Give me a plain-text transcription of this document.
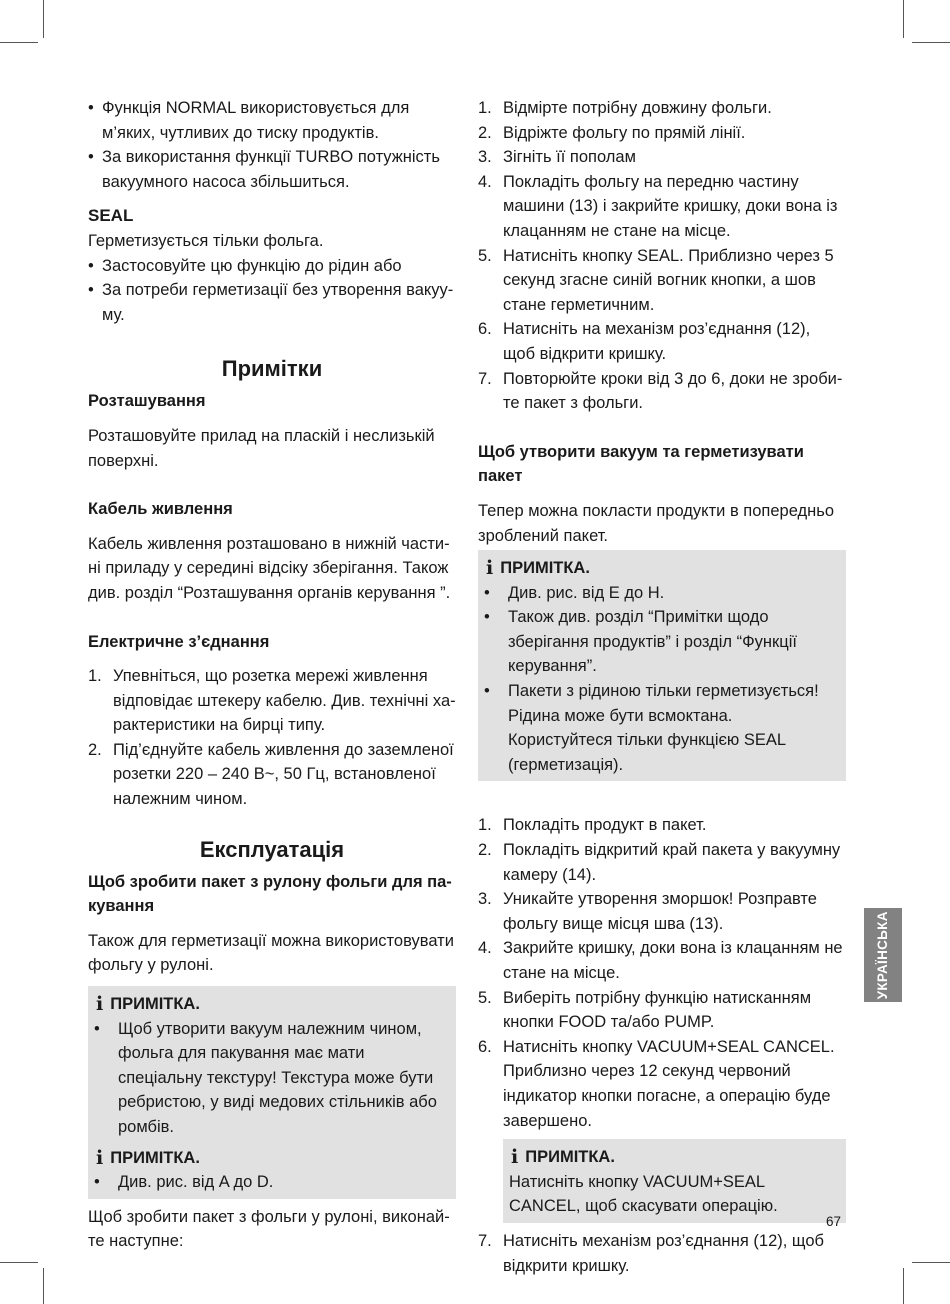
• Функція NORMAL використовується для м’яких, чутливих до тиску продуктів.
• За використання функції TURBO потужність вакуумного насоса збільшиться.

SEAL

Герметизується тільки фольга.

• Застосовуйте цю функцію до рідин або
• За потреби герметизації без утворення вакууму.
Примітки

Розташування

Розташовуйте прилад на пласкій і неслизькій поверхні.

Кабель живлення

Кабель живлення розташовано в нижній частині приладу у середині відсіку зберігання. Також див. розділ “Розташування органів керування ”.

Електричне з’єднання

1. Упевніться, що розетка мережі живлення відповідає штекеру кабелю. Див. технічні характеристики на бирці типу.
2. Під’єднуйте кабель живлення до заземленої розетки 220 – 240 В~, 50 Гц, встановленої належним чином.
Експлуатація

Щоб зробити пакет з рулону фольги для пакування

Також для герметизації можна використовувати фольгу у рулоні.

i ПРИМІТКА.
• Щоб утворити вакуум належним чином, фольга для пакування має мати спеціальну текстуру! Текстура може бути ребристою, у виді медових стільників або ромбів.
i ПРИМІТКА.
• Див. рис. від A до D.

Щоб зробити пакет з фольги у рулоні, виконайте наступне:

1. Відмірте потрібну довжину фольги.
2. Відріжте фольгу по прямій лінії.
3. Зігніть її пополам
4. Покладіть фольгу на передню частину машини (13) і закрийте кришку, доки вона із клацанням не стане на місце.
5. Натисніть кнопку SEAL. Приблизно через 5 секунд згасне синій вогник кнопки, а шов стане герметичним.
6. Натисніть на механізм роз’єднання (12), щоб відкрити кришку.
7. Повторюйте кроки від 3 до 6, доки не зробите пакет з фольги.

Щоб утворити вакуум та герметизувати пакет

Тепер можна покласти продукти в попередньо зроблений пакет.

i ПРИМІТКА.
• Див. рис. від E до H.
• Також див. розділ “Примітки щодо зберігання продуктів” і розділ “Функції керування”.
• Пакети з рідиною тільки герметизується! Рідина може бути всмоктана. Користуйтеся тільки функцією SEAL (герметизація).
1. Покладіть продукт в пакет.
2. Покладіть відкритий край пакета у вакуумну камеру (14).
3. Уникайте утворення зморшок! Розправте фольгу вище місця шва (13).
4. Закрийте кришку, доки вона із клацанням не стане на місце.
5. Виберіть потрібну функцію натисканням кнопки FOOD та/або PUMP.
6. Натисніть кнопку VACUUM+SEAL CANCEL. Приблизно через 12 секунд червоний індикатор кнопки погасне, а операцію буде завершено.
i ПРИМІТКА.

Натисніть кнопку VACUUM+SEAL CANCEL, щоб скасувати операцію.

7. Натисніть механізм роз’єднання (12), щоб відкрити кришку.
УКРАЇНСЬКА
67
